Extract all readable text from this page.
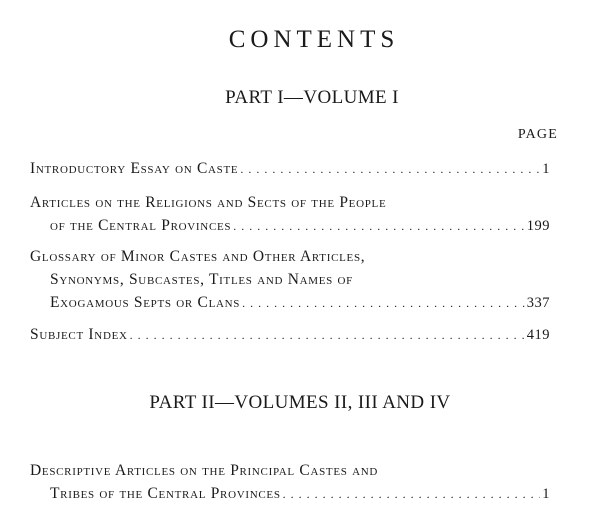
CONTENTS
PART I—VOLUME I
PAGE
Introductory Essay on Caste . . .	1
Articles on the Religions and Sects of the People
of the Central Provinces . . .	199
Glossary of Minor Castes and Other Articles,
Synonyms, Subcastes, Titles and Names of
Exogamous Septs or Clans . . .	337
Subject Index . . .	419
PART II—VOLUMES II, III AND IV
Descriptive Articles on the Principal Castes and
Tribes of the Central Provinces . . .	1
